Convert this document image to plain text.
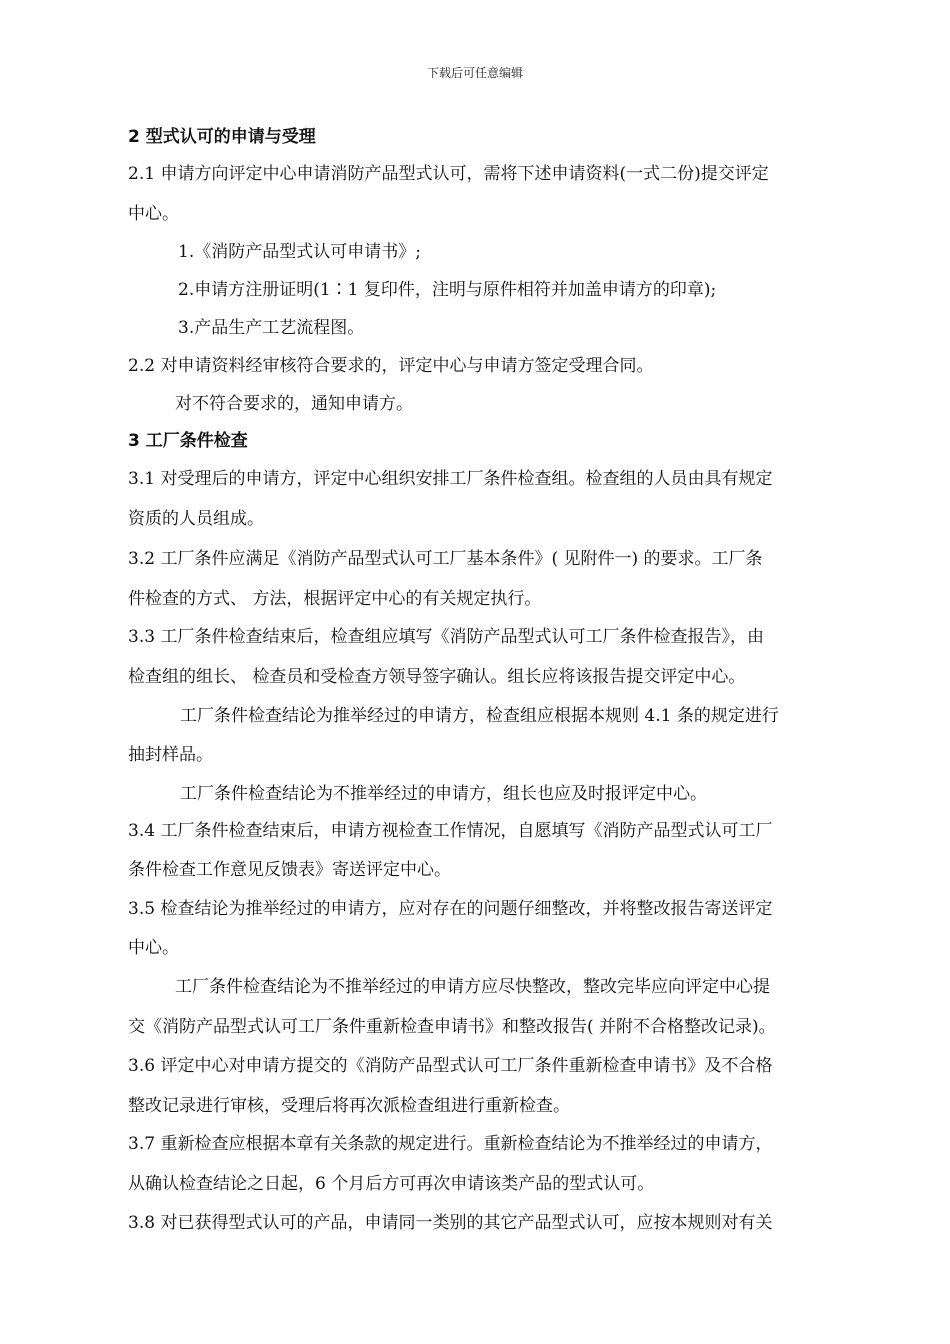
下载后可任意编辑
2 型式认可的申请与受理
2.1 申请方向评定中心申请消防产品型式认可，需将下述申请资料(一式二份)提交评定
中心。
1.《消防产品型式认可申请书》;
2.申请方注册证明(1∶1 复印件，注明与原件相符并加盖申请方的印章);
3.产品生产工艺流程图。
2.2 对申请资料经审核符合要求的，评定中心与申请方签定受理合同。
对不符合要求的，通知申请方。
3 工厂条件检查
3.1 对受理后的申请方，评定中心组织安排工厂条件检查组。检查组的人员由具有规定
资质的人员组成。
3.2 工厂条件应满足《消防产品型式认可工厂基本条件》( 见附件一) 的要求。工厂条
件检查的方式、 方法，根据评定中心的有关规定执行。
3.3 工厂条件检查结束后，检查组应填写《消防产品型式认可工厂条件检查报告》，由
检查组的组长、 检查员和受检查方领导签字确认。组长应将该报告提交评定中心。
工厂条件检查结论为推举经过的申请方，检查组应根据本规则 4.1 条的规定进行
抽封样品。
工厂条件检查结论为不推举经过的申请方，组长也应及时报评定中心。
3.4 工厂条件检查结束后，申请方视检查工作情况，自愿填写《消防产品型式认可工厂
条件检查工作意见反馈表》寄送评定中心。
3.5 检查结论为推举经过的申请方，应对存在的问题仔细整改，并将整改报告寄送评定
中心。
工厂条件检查结论为不推举经过的申请方应尽快整改，整改完毕应向评定中心提
交《消防产品型式认可工厂条件重新检查申请书》和整改报告( 并附不合格整改记录)。
3.6 评定中心对申请方提交的《消防产品型式认可工厂条件重新检查申请书》及不合格
整改记录进行审核，受理后将再次派检查组进行重新检查。
3.7 重新检查应根据本章有关条款的规定进行。重新检查结论为不推举经过的申请方，
从确认检查结论之日起，6 个月后方可再次申请该类产品的型式认可。
3.8 对已获得型式认可的产品，申请同一类别的其它产品型式认可，应按本规则对有关
